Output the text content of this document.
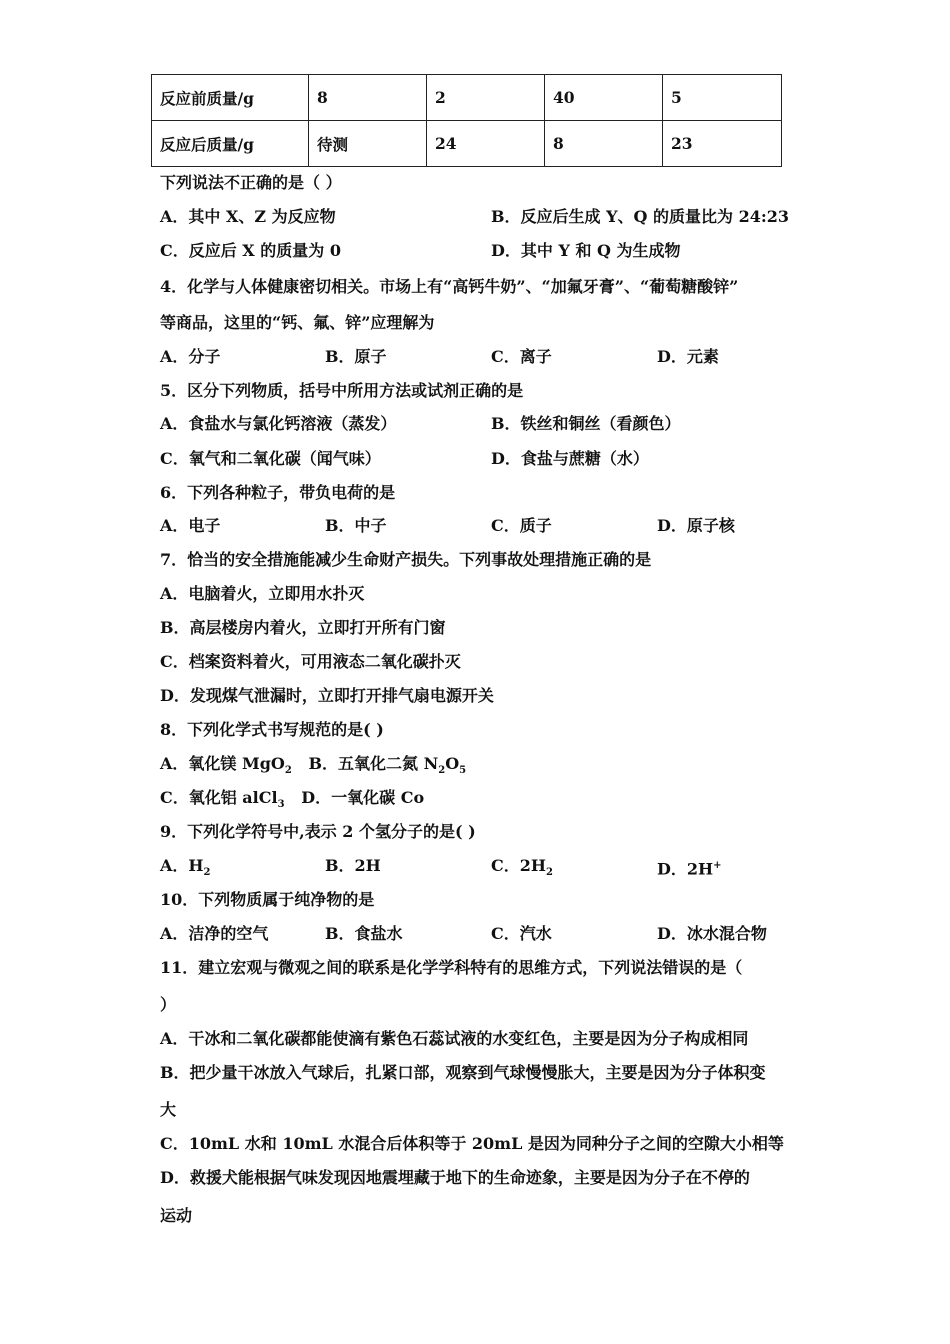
反应前质量/g	8	2	40	5
反应后质量/g	待测	24	8	23
下列说法不正确的是（ ）
A．其中 X、Z 为反应物	B．反应后生成 Y、Q 的质量比为 24:23
C．反应后 X 的质量为 0	D．其中 Y 和 Q 为生成物
4．化学与人体健康密切相关。市场上有“高钙牛奶”、“加氟牙膏”、“葡萄糖酸锌”
等商品，这里的“钙、氟、锌”应理解为
A．分子	B．原子	C．离子	D．元素
5．区分下列物质，括号中所用方法或试剂正确的是
A．食盐水与氯化钙溶液（蒸发）	B．铁丝和铜丝（看颜色）
C．氧气和二氧化碳（闻气味）	D．食盐与蔗糖（水）
6．下列各种粒子，带负电荷的是
A．电子	B．中子	C．质子	D．原子核
7．恰当的安全措施能减少生命财产损失。下列事故处理措施正确的是
A．电脑着火，立即用水扑灭
B．高层楼房内着火，立即打开所有门窗
C．档案资料着火，可用液态二氧化碳扑灭
D．发现煤气泄漏时，立即打开排气扇电源开关
8．下列化学式书写规范的是( )
A．氧化镁 MgO$_2$ B．五氧化二氮 $N_2O_5$
C．氧化铝 alCl$_3$ D．一氧化碳 Co
9．下列化学符号中,表示 2 个氢分子的是( )
A．$H_2$	B．2H	C．$2H_2$	D．2H+
10．下列物质属于纯净物的是
A．洁净的空气	B．食盐水	C．汽水	D．冰水混合物
11．建立宏观与微观之间的联系是化学学科特有的思维方式，下列说法错误的是（
）
A．干冰和二氧化碳都能使滴有紫色石蕊试液的水变红色，主要是因为分子构成相同
B．把少量干冰放入气球后，扎紧口部，观察到气球慢慢胀大，主要是因为分子体积变
大
C．10mL 水和 10mL 水混合后体积等于 20mL 是因为同种分子之间的空隙大小相等
D．救援犬能根据气味发现因地震埋藏于地下的生命迹象，主要是因为分子在不停的
运动
